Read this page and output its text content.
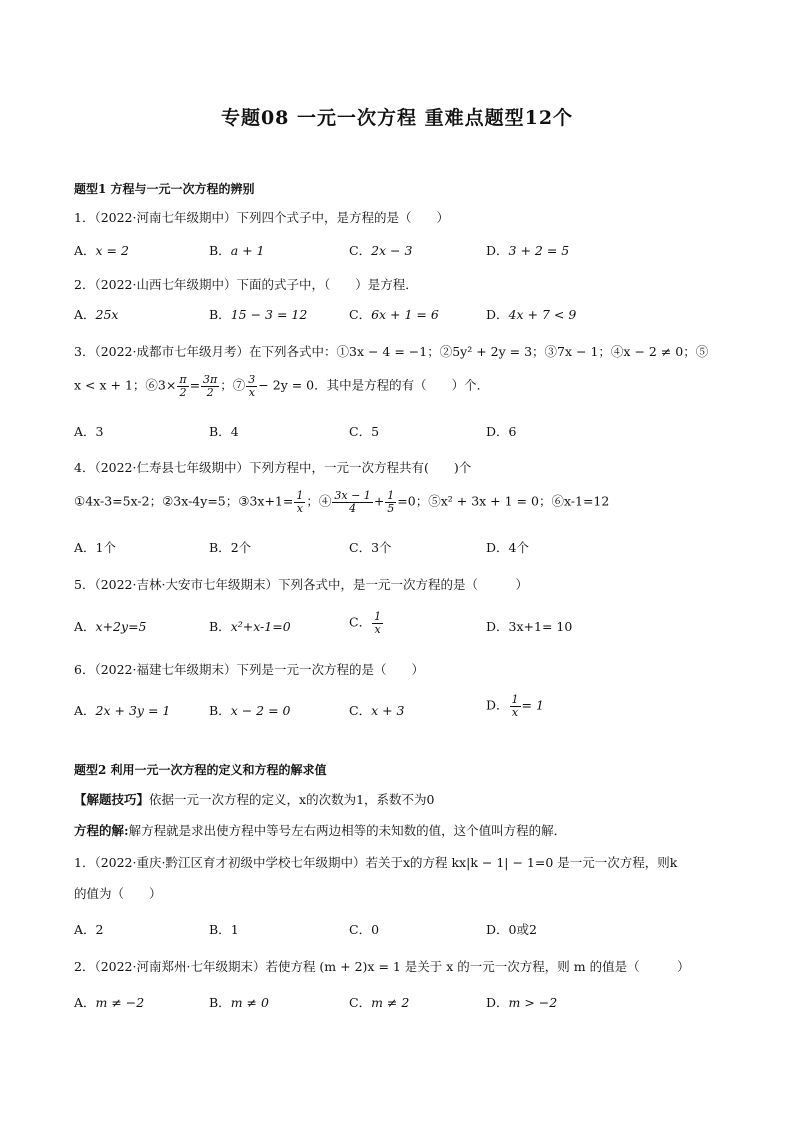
专题08 一元一次方程 重难点题型12个
题型1 方程与一元一次方程的辨别
1．（2022·河南七年级期中）下列四个式子中，是方程的是（　　）
A．x = 2	B．a + 1	C．2x − 3	D．3 + 2 = 5
2．（2022·山西七年级期中）下面的式子中，（　　）是方程．
A．25x	B．15 − 3 = 12	C．6x + 1 = 6	D．4x + 7 < 9
3．（2022·成都市七年级月考）在下列各式中：①3x − 4 = −1；②5y² + 2y = 3；③7x − 1；④x − 2 ≠ 0；⑤
x < x + 1；⑥3× $\frac{\pi}{2} = \frac{3\pi}{2}$ ；⑦ $\frac{3}{x} - 2y = 0$．其中是方程的有（　　）个．
A．3	B．4	C．5	D．6
4．（2022·仁寿县七年级期中）下列方程中，一元一次方程共有(　　)个
①4x-3=5x-2；②3x-4y=5；③3x+1= $\frac{1}{x}$ ；④ $\frac{3x - 1}{4} + \frac{1}{5} =0$；⑤x² + 3x + 1 = 0；⑥x-1=12
A．1个	B．2个	C．3个	D．4个
5．（2022·吉林·大安市七年级期末）下列各式中，是一元一次方程的是（　　　）
A．x+2y=5	B．x²+x-1=0	C． $\frac{1}{x}$	D．3x+1= 10
6．（2022·福建七年级期末）下列是一元一次方程的是（　　）
A．2x + 3y = 1	B．x − 2 = 0	C．x + 3	D． $\frac{1}{x} = 1$
题型2 利用一元一次方程的定义和方程的解求值
【解题技巧】依据一元一次方程的定义，x的次数为1，系数不为0
方程的解:解方程就是求出使方程中等号左右两边相等的未知数的值，这个值叫方程的解．
1．（2022·重庆·黔江区育才初级中学校七年级期中）若关于x的方程 kx|k − 1| − 1=0 是一元一次方程，则k
的值为（　　）
A．2	B．1	C．0	D．0或2
2．（2022·河南郑州·七年级期末）若使方程 (m + 2)x = 1 是关于 x 的一元一次方程，则 m 的值是（　　　）
A．m ≠ −2	B．m ≠ 0	C．m ≠ 2	D．m > −2
